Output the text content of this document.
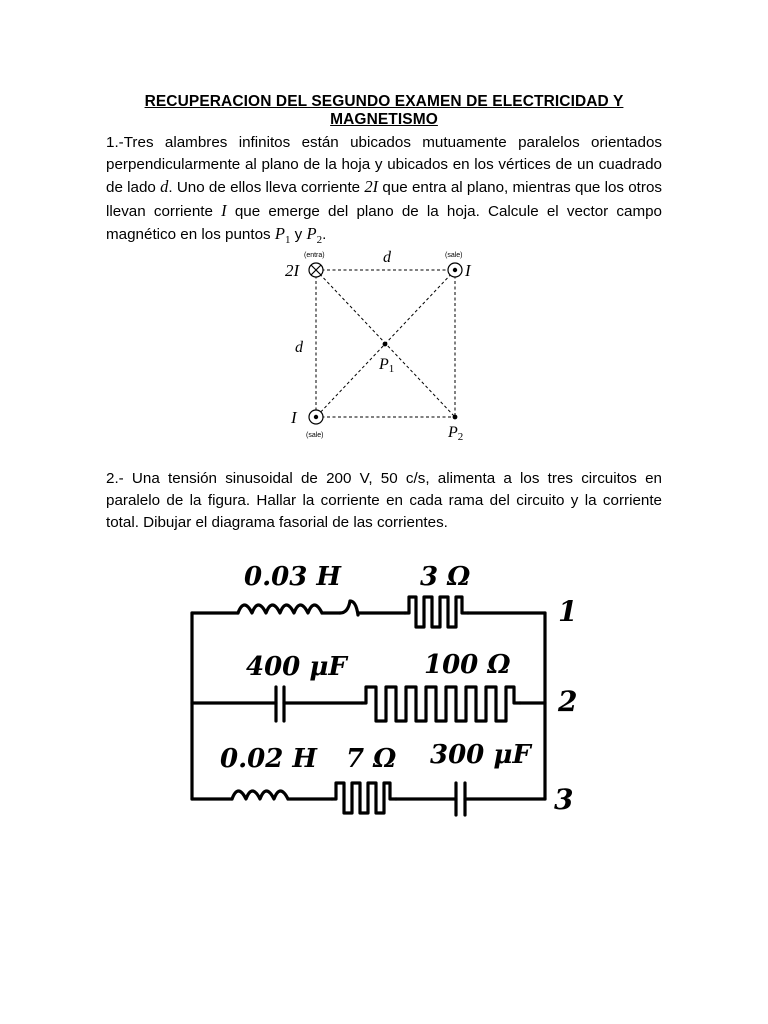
RECUPERACION DEL SEGUNDO EXAMEN DE ELECTRICIDAD Y MAGNETISMO

1.-Tres alambres infinitos están ubicados mutuamente paralelos orientados perpendicularmente al plano de la hoja y ubicados en los vértices de un cuadrado de lado d. Uno de ellos lleva corriente 2I que entra al plano, mientras que los otros llevan corriente I que emerge del plano de la hoja. Calcule el vector campo magnético en los puntos $P_1$ y $P_2$.

2I
(entra)	d	(sale)
I
d
P1
I
(sale)	P2

2.- Una tensión sinusoidal de 200 V, 50 c/s, alimenta a los tres circuitos en paralelo de la figura. Hallar la corriente en cada rama del circuito y la corriente total. Dibujar el diagrama fasorial de las corrientes.

0.03 H	3 Ω
1
400 μF	100 Ω
2
0.02 H 7 Ω 300 μF
3
